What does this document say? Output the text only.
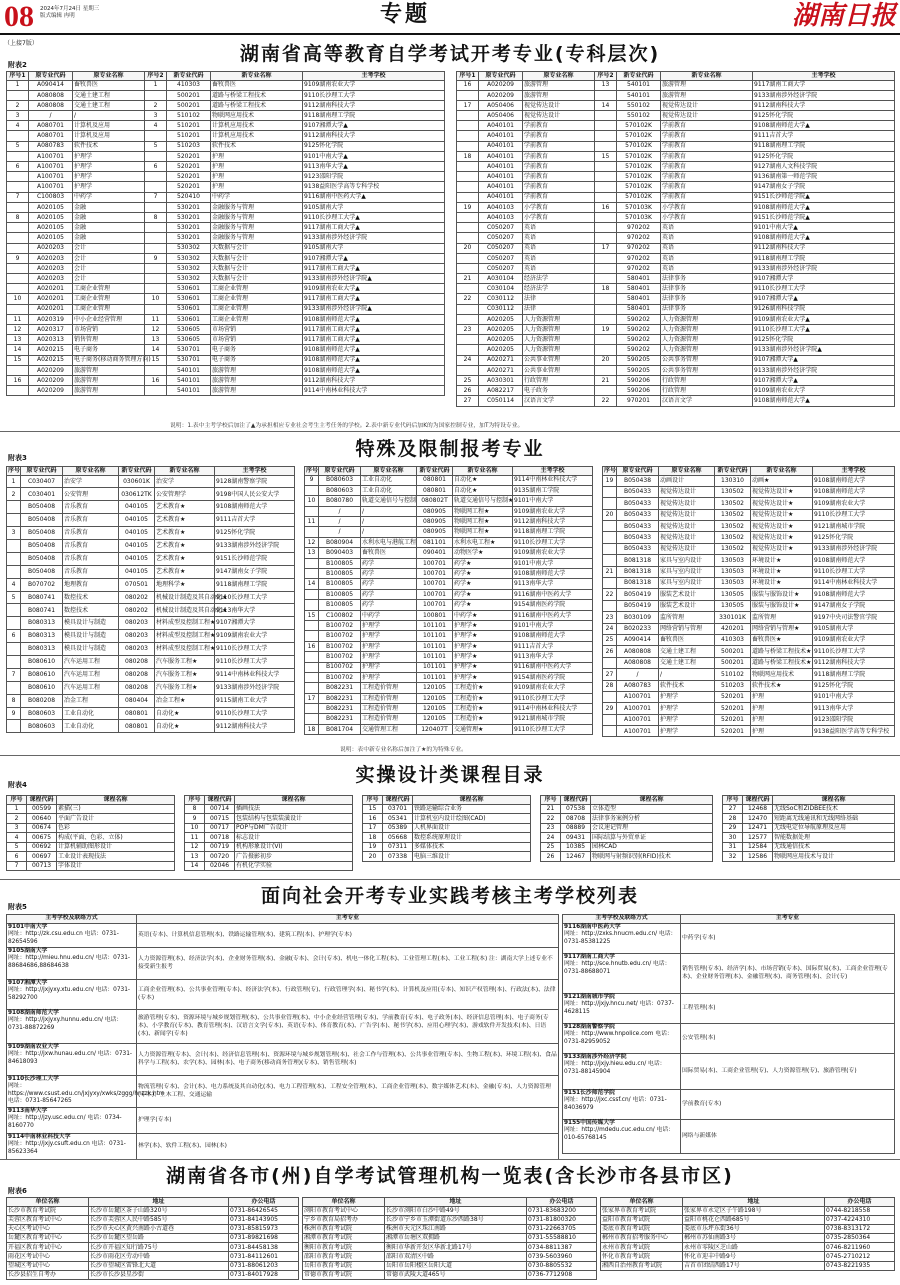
08 2024年7月24日 星期三
版式编辑 冉明	专题	湖南日报
（上接7版）	湖南省高等教育自学考试开考专业(专科层次)
附表2
序号1	原专业代码	原专业名称	序号2	新专业代码	新专业名称	主考学校
1	A090414	畜牧兽医	1	410303	畜牧兽医	9109湖南农业大学
	A080808	交通土建工程		500201	道路与桥梁工程技术	9110长沙理工大学
2	A080808	交通土建工程	2	500201	道路与桥梁工程技术	9112湖南科技大学
3	/	/	3	510102	物联网应用技术	9118湖南理工学院
4	A080701	计算机及应用	4	510201	计算机应用技术	9107湘潭大学▲
	A080701	计算机及应用		510201	计算机应用技术	9112湖南科技大学
5	A080783	软件技术	5	510203	软件技术	9125怀化学院
	A100701	护理学		520201	护理	9101中南大学▲
6	A100701	护理学	6	520201	护理	9113南华大学▲
	A100701	护理学		520201	护理	9123邵阳学院
	A100701	护理学		520201	护理	9138益阳医学高等专科学校
7	C100803	中药学	7	520410	中药学	9116湖南中医药大学▲
	A020105	金融		530201	金融服务与管理	9105湖南大学
8	A020105	金融	8	530201	金融服务与管理	9110长沙理工大学▲
	A020105	金融		530201	金融服务与管理	9117湖南工商大学▲
	A020105	金融		530201	金融服务与管理	9133湖南涉外经济学院
	A020203	会计		530302	大数据与会计	9105湖南大学
9	A020203	会计	9	530302	大数据与会计	9107湘潭大学▲
	A020203	会计		530302	大数据与会计	9117湖南工商大学▲
	A020203	会计		530302	大数据与会计	9133湖南涉外经济学院▲
	A020201	工商企业管理		530601	工商企业管理	9109湖南农业大学▲
10	A020201	工商企业管理	10	530601	工商企业管理	9117湖南工商大学▲
	A020201	工商企业管理		530601	工商企业管理	9133湖南涉外经济学院▲
11	A020319	中小企业经营管理	11	530601	工商企业管理	9108湖南师范大学▲
12	A020317	市场营销	12	530605	市场营销	9117湖南工商大学▲
13	A020313	销售管理	13	530605	市场营销	9117湖南工商大学▲
14	A020215	电子商务	14	530701	电子商务	9108湖南师范大学▲
15	A020215	电子商务(移动商务管理方向)	15	530701	电子商务	9108湖南师范大学▲
	A020209	旅游管理		540101	旅游管理	9108湖南师范大学▲
16	A020209	旅游管理	16	540101	旅游管理	9112湖南科技大学
	A020209	旅游管理		540101	旅游管理	9114中南林业科技大学
序号1	原专业代码	原专业名称	序号2	新专业代码	新专业名称	主考学校
16	A020209	旅游管理	13	540101	旅游管理	9117湖南工商大学
	A020209	旅游管理		540101	旅游管理	9133湖南涉外经济学院
17	A050406	视觉传达设计	14	550102	视觉传达设计	9112湖南科技大学
	A050406	视觉传达设计		550102	视觉传达设计	9125怀化学院
	A040101	学前教育		570102K	学前教育	9108湖南师范大学▲
	A040101	学前教育		570102K	学前教育	9111吉首大学
	A040101	学前教育		570102K	学前教育	9118湖南理工学院
18	A040101	学前教育	15	570102K	学前教育	9125怀化学院
	A040101	学前教育		570102K	学前教育	9127湖南人文科技学院
	A040101	学前教育		570102K	学前教育	9136湖南第一师范学院
	A040101	学前教育		570102K	学前教育	9147湖南女子学院
	A040101	学前教育		570102K	学前教育	9151长沙师范学院▲
19	A040103	小学教育	16	570103K	小学教育	9108湖南师范大学▲
	A040103	小学教育		570103K	小学教育	9151长沙师范学院▲
	C050207	英语		970202	英语	9101中南大学▲
	C050207	英语		970202	英语	9108湖南师范大学▲
20	C050207	英语	17	970202	英语	9112湖南科技大学
	C050207	英语		970202	英语	9118湖南理工学院
	C050207	英语		970202	英语	9133湖南涉外经济学院
21	A030104	经济法学		580401	法律事务	9107湘潭大学
	C030104	经济法学	18	580401	法律事务	9110长沙理工大学
22	C030112	法律		580401	法律事务	9107湘潭大学▲
	C030112	法律		580401	法律事务	9126湖南科技学院
	A020205	人力资源管理		590202	人力资源管理	9109湖南农业大学▲
23	A020205	人力资源管理	19	590202	人力资源管理	9110长沙理工大学▲
	A020205	人力资源管理		590202	人力资源管理	9125怀化学院
	A020205	人力资源管理		590202	人力资源管理	9133湖南涉外经济学院▲
24	A020271	公共事业管理	20	590205	公共事务管理	9107湘潭大学▲
	A020271	公共事业管理		590205	公共事务管理	9133湖南涉外经济学院
25	A030301	行政管理	21	590206	行政管理	9107湘潭大学▲
26	A082217	电子政务		590206	行政管理	9109湖南农业大学
27	C050114	汉语言文学	22	970201	汉语言文学	9108湖南师范大学▲
说明：1.表中主考学校后加注了▲为承担相应专业社会考生主考任务的学校。2.表中新专业代码后加K的为国家控制专业，加T为特设专业。
特殊及限制报考专业
附表3
序号	原专业代码	原专业名称	新专业代码	新专业名称	主考学校
1	C030407	治安学	030601K	治安学	9128湖南警察学院
2	C030401	公安管理	030612TK	公安管理学	9198中国人民公安大学
	B050408	音乐教育	040105	艺术教育★	9108湖南师范大学
	B050408	音乐教育	040105	艺术教育★	9111吉首大学
3	B050408	音乐教育	040105	艺术教育★	9125怀化学院
	B050408	音乐教育	040105	艺术教育★	9133湖南涉外经济学院
	B050408	音乐教育	040105	艺术教育★	9151长沙师范学院
	B050408	音乐教育	040105	艺术教育★	9147湖南女子学院
4	B070702	地理教育	070501	地理科学★	9118湖南理工学院
5	B080741	数控技术	080202	机械设计制造及其自动化★	9110长沙理工大学
	B080741	数控技术	080202	机械设计制造及其自动化★	9113南华大学
	B080313	模具设计与制造	080203	材料成型及控制工程★	9107湘潭大学
6	B080313	模具设计与制造	080203	材料成型及控制工程★	9109湖南农业大学
	B080313	模具设计与制造	080203	材料成型及控制工程★	9110长沙理工大学
	B080610	汽车运用工程	080208	汽车服务工程★	9110长沙理工大学
7	B080610	汽车运用工程	080208	汽车服务工程★	9114中南林业科技大学
	B080610	汽车运用工程	080208	汽车服务工程★	9133湖南涉外经济学院
8	B080208	冶金工程	080404	冶金工程★	9115湖南工业大学
9	B080603	工业自动化	080801	自动化★	9110长沙理工大学
	B080603	工业自动化	080801	自动化★	9112湖南科技大学
序号	原专业代码	原专业名称	新专业代码	新专业名称	主考学校
9	B080603	工业自动化	080801	自动化★	9114中南林业科技大学
	B080603	工业自动化	080801	自动化★	9135湖南工学院
10	B080780	轨道交通信号与控制	080802T	轨道交通信号与控制★	9101中南大学
	/	/	080905	物联网工程★	9109湖南农业大学
11	/	/	080905	物联网工程★	9112湖南科技大学
	/	/	080905	物联网工程★	9118湖南理工学院
12	B080904	水利水电与港航工程	081101	水利水电工程★	9110长沙理工大学
13	B090403	畜牧兽医	090401	动物医学★	9109湖南农业大学
	B100805	药学	100701	药学★	9101中南大学
	B100805	药学	100701	药学★	9108湖南师范大学
14	B100805	药学	100701	药学★	9113南华大学
	B100805	药学	100701	药学★	9116湖南中医药大学
	B100805	药学	100701	药学★	9154湖南医药学院
15	C100802	中药学	100801	中药学★	9116湖南中医药大学
	B100702	护理学	101101	护理学★	9101中南大学
	B100702	护理学	101101	护理学★	9108湖南师范大学
16	B100702	护理学	101101	护理学★	9111吉首大学
	B100702	护理学	101101	护理学★	9113南华大学
	B100702	护理学	101101	护理学★	9116湖南中医药大学
	B100702	护理学	101101	护理学★	9154湖南医药学院
	B082231	工程造价管理	120105	工程造价★	9109湖南农业大学
17	B082231	工程造价管理	120105	工程造价★	9110长沙理工大学
	B082231	工程造价管理	120105	工程造价★	9114中南林业科技大学
	B082231	工程造价管理	120105	工程造价★	9121湖南城市学院
18	B081704	交通管理工程	120407T	交通管理★	9110长沙理工大学
序号	原专业代码	原专业名称	新专业代码	新专业名称	主考学校
19	B050438	动画设计	130310	动画★	9108湖南师范大学
	B050433	视觉传达设计	130502	视觉传达设计★	9108湖南师范大学
	B050433	视觉传达设计	130502	视觉传达设计★	9109湖南农业大学
20	B050433	视觉传达设计	130502	视觉传达设计★	9110长沙理工大学
	B050433	视觉传达设计	130502	视觉传达设计★	9121湖南城市学院
	B050433	视觉传达设计	130502	视觉传达设计★	9125怀化学院
	B050433	视觉传达设计	130502	视觉传达设计★	9133湖南涉外经济学院
	B081318	家具与室内设计	130503	环境设计★	9108湖南师范大学
21	B081318	家具与室内设计	130503	环境设计★	9110长沙理工大学
	B081318	家具与室内设计	130503	环境设计★	9114中南林业科技大学
22	B050419	服装艺术设计	130505	服装与服饰设计★	9108湖南师范大学
	B050419	服装艺术设计	130505	服装与服饰设计★	9147湖南女子学院
23	B030109	监所管理	330101K	监所管理	9197中央司法警官学院
24	B020233	网络营销与管理	420201	网络营销与管理★	9105湖南大学
25	A090414	畜牧兽医	410303	畜牧兽医★	9109湖南农业大学
26	A080808	交通土建工程	500201	道路与桥梁工程技术★	9110长沙理工大学
	A080808	交通土建工程	500201	道路与桥梁工程技术★	9112湖南科技大学
27	/	/	510102	物联网应用技术	9118湖南理工学院
28	A080783	软件技术	510203	软件技术★	9125怀化学院
	A100701	护理学	520201	护理	9101中南大学
29	A100701	护理学	520201	护理	9113南华大学
	A100701	护理学	520201	护理	9123邵阳学院
	A100701	护理学	520201	护理	9138益阳医学高等专科学校
说明：表中新专业名称后加注了★的为特殊专业。
实操设计类课程目录
附表4
序号	课程代码	课程名称
1	00599	素描(三)
2	00640	平面广告设计
3	00674	色彩
4	00675	构成(平面、色彩、立体)
5	00692	计算机辅助图形设计
6	00697	工业设计表现技法
7	00713	字体设计
序号	课程代码	课程名称
8	00714	插画技法
9	00715	包装结构与包装装潢设计
10	00717	POP与DM广告设计
11	00718	标志设计
12	00719	机构形象设计(VI)
13	00720	广告摄影初步
14	02046	有机化学实验
序号	课程代码	课程名称
15	03701	铁路运输综合业务
16	05341	计算机室内设计绘图(CAD)
17	05389	人机界面设计
18	05668	数控系统原理设计
19	07311	多媒体技术
20	07338	电脑三维设计
序号	课程代码	课程名称
21	07538	立体造型
22	08708	法律事务案例分析
23	08889	会议速记管理
24	09431	国际结算与外贸单证
25	10385	园林CAD
26	12467	物联网与射频识别(RFID)技术
序号	课程代码	课程名称
27	12468	无线SoC和ZIDBEE技术
28	12470	短距离无线通讯和无线网络基础
29	12471	无线电定位导航原理及应用
30	12577	智能数据处理
31	12584	无线通信技术
32	12586	物联网应用技术与设计
面向社会开考专业实践考核主考学校列表
附表5
主考学校及联络方式	主考专业

9101中南大学
网址：http://zk.csu.edu.cn 电话：0731-82654596	英语(专本)、计算机信息管理(本)、铁路运输管理(本)、建筑工程(本)、护理学(专本)

9105湖南大学
网址：http://mieu.hnu.edu.cn/ 电话：0731-88684686,88684638	人力资源管理(本)、经济法学(本)、企业财务管理(本)、金融(专本)、会计(专本)、机电一体化工程(本)、工业管理工程(本)、工业工程(本) 注：湖南大学上述专业不接受新生报考

9107湘潭大学
网址：http://jxjyxy.xtu.edu.cn/ 电话：0731-58292700	工商企业管理(本)、公共事业管理(专本)、经济法学(本)、行政管理(专)、行政管理学(本)、秘书学(本)、计算机及应用(专本)、知识产权管理(本)、行政法(本)、法律(专本)

9108湖南师范大学
网址：http://jxjyxy.hunnu.edu.cn/ 电话：0731-88872269	旅游管理(专本)、资源环境与城乡规划管理(本)、公共事业管理(本)、中小企业经营管理(专本)、学前教育(专本)、电子政务(本)、经济信息管理(本)、电子商务(专本)、小学教育(专本)、教育管理(本)、汉语言文学(专本)、英语(专本)、体育教育(本)、广告学(本)、秘书学(本)、应用心理学(本)、游戏软件开发技术(本)、日语(本)、新闻学(专本)

9109湖南农业大学
网址：http://jxw.hunau.edu.cn/ 电话：0731-84618093	人力资源管理(专本)、会计(本)、经济信息管理(本)、资源环境与城乡规划管理(本)、社会工作与管理(本)、公共事业管理(专本)、生物工程(本)、环境工程(本)、食品科学与工程(本)、农学(本)、园林(本)、电子商务(移动商务管理)(专本)、销售管理(本)

9110长沙理工大学
网址：https://www.csust.edu.cn/jxjyxy/xwks/zggg/hnzzk.htm 电话：0731-85647265	物流管理(专本)、会计(本)、电力系统及其自动化(本)、电力工程管理(本)、工程安全管理(本)、工商企业管理(本)、数字媒体艺术(本)、金融(专本)、人力资源管理(专本)、土木工程、交通运输

9113南华大学
网址：http://jzy.usc.edu.cn/ 电话：0734-8160770	护理学(专本)

9114中南林业科技大学
网址：http://jxjy.csuft.edu.cn 电话：0731-85623364	林学(本)、软件工程(本)、园林(本)
主考学校及联络方式	主考专业

9116湖南中医药大学
网址：http://zxks.hnucm.edu.cn/ 电话：0731-85381225	中药学(专本)

9117湖南工商大学
网址：http://sce.hnutb.edu.cn/ 电话：0731-88688071	销售管理(专本)、经济学(本)、市场营销(专本)、国际贸易(本)、工商企业管理(专本)、企业财务管理(本)、金融管理(本)、商务管理(本)、会计(专)

9121湖南城市学院
网址：http://jxjy.hncu.net/ 电话：0737-4628115	工程管理(本)

9128湖南警察学院
网址：http://www.hnpolice.com 电话：0731-82959052	公安管理(本)

9133湖南涉外经济学院
网址：http://jxjy.hieu.edu.cn/ 电话：0731-88145904	国际贸易(本)、工商企业管理(专)、人力资源管理(专)、旅游管理(专)

9151长沙师范学院
网址：http://jxc.cssf.cn/ 电话：0731-84036979	学前教育(专本)

9155中国传媒大学
网址：http://mdedu.cuc.edu.cn/ 电话：010-65768145	网络与新媒体
湖南省各市(州)自学考试管理机构一览表(含长沙市各县市区)
附表6
单位名称	地址	办公电话
长沙市教育考试院	长沙市岳麓区茶子山路320号	0731-86426545
芙蓉区教育考试中心	长沙市芙蓉区人民中路585号	0731-84143905
天心区考试中心	长沙市天心区黄兴南路小古道巷	0731-85815973
岳麓区教育考试中心	长沙市岳麓区望岳路	0731-89821698
开福区教育考试中心	长沙市开福区知行路75号	0731-84458138
雨花区考试中心	长沙市雨花区劳动中路	0731-84112601
望城区考试中心	长沙市望城区雷锋北大道	0731-88061203
长沙县招生自考办	长沙市长沙县星沙街	0731-84017928
单位名称	地址	办公电话
浏阳市教育考试中心	长沙市浏阳市白沙中路49号	0731-83683200
宁乡市教育局招考办	长沙市宁乡市玉潭街道东沙西路38号	0731-81800320
株洲市教育考试院	株洲市天元区珠江南路	0731-22663705
湘潭市教育考试院	湘潭市岳塘区双拥路	0731-55588810
衡阳市教育考试院	衡阳市华新开发区华新北路17号	0734-8811387
邵阳市教育考试院	邵阳市双清区中路	0739-5603960
岳阳市教育考试院	岳阳市岳阳楼区岳阳大道	0730-8805532
常德市教育考试院	常德市武陵大道465号	0736-7712908
单位名称	地址	办公电话
张家界市教育考试院	张家界市永定区子午路198号	0744-8218558
益阳市教育考试院	益阳市桃花仑西路685号	0737-4224310
娄底市教育考试院	娄底市乐坪东街36号	0738-8313172
郴州市教育招考服务中心	郴州市苏仙南路3号	0735-2850364
永州市教育考试院	永州市零陵区芝山路	0746-8211960
怀化市教育考试院	怀化市迎丰中路9号	0745-2710212
湘西自治州教育考试院	吉首市团结西路17号	0743-8221935
